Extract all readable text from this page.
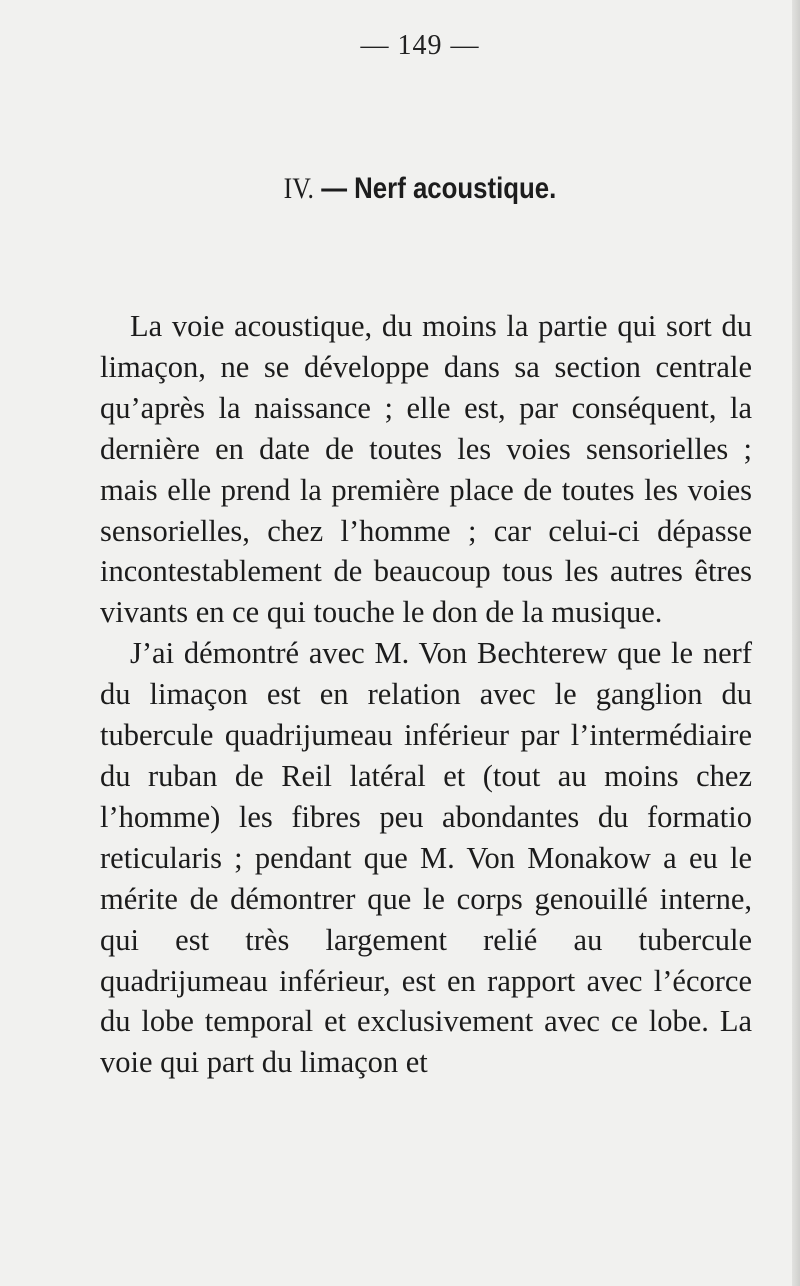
— 149 —
IV. — Nerf acoustique.

La voie acoustique, du moins la partie qui sort du limaçon, ne se développe dans sa section centrale qu’après la naissance ; elle est, par conséquent, la dernière en date de toutes les voies sensorielles ; mais elle prend la première place de toutes les voies sensorielles, chez l’homme ; car celui-ci dépasse incontestablement de beaucoup tous les autres êtres vivants en ce qui touche le don de la musique.

J’ai démontré avec M. Von Bechterew que le nerf du limaçon est en relation avec le ganglion du tubercule quadrijumeau inférieur par l’intermédiaire du ruban de Reil latéral et (tout au moins chez l’homme) les fibres peu abondantes du formatio reticularis ; pendant que M. Von Monakow a eu le mérite de démontrer que le corps genouillé interne, qui est très largement relié au tubercule quadrijumeau inférieur, est en rapport avec l’écorce du lobe temporal et exclusivement avec ce lobe. La voie qui part du limaçon et
